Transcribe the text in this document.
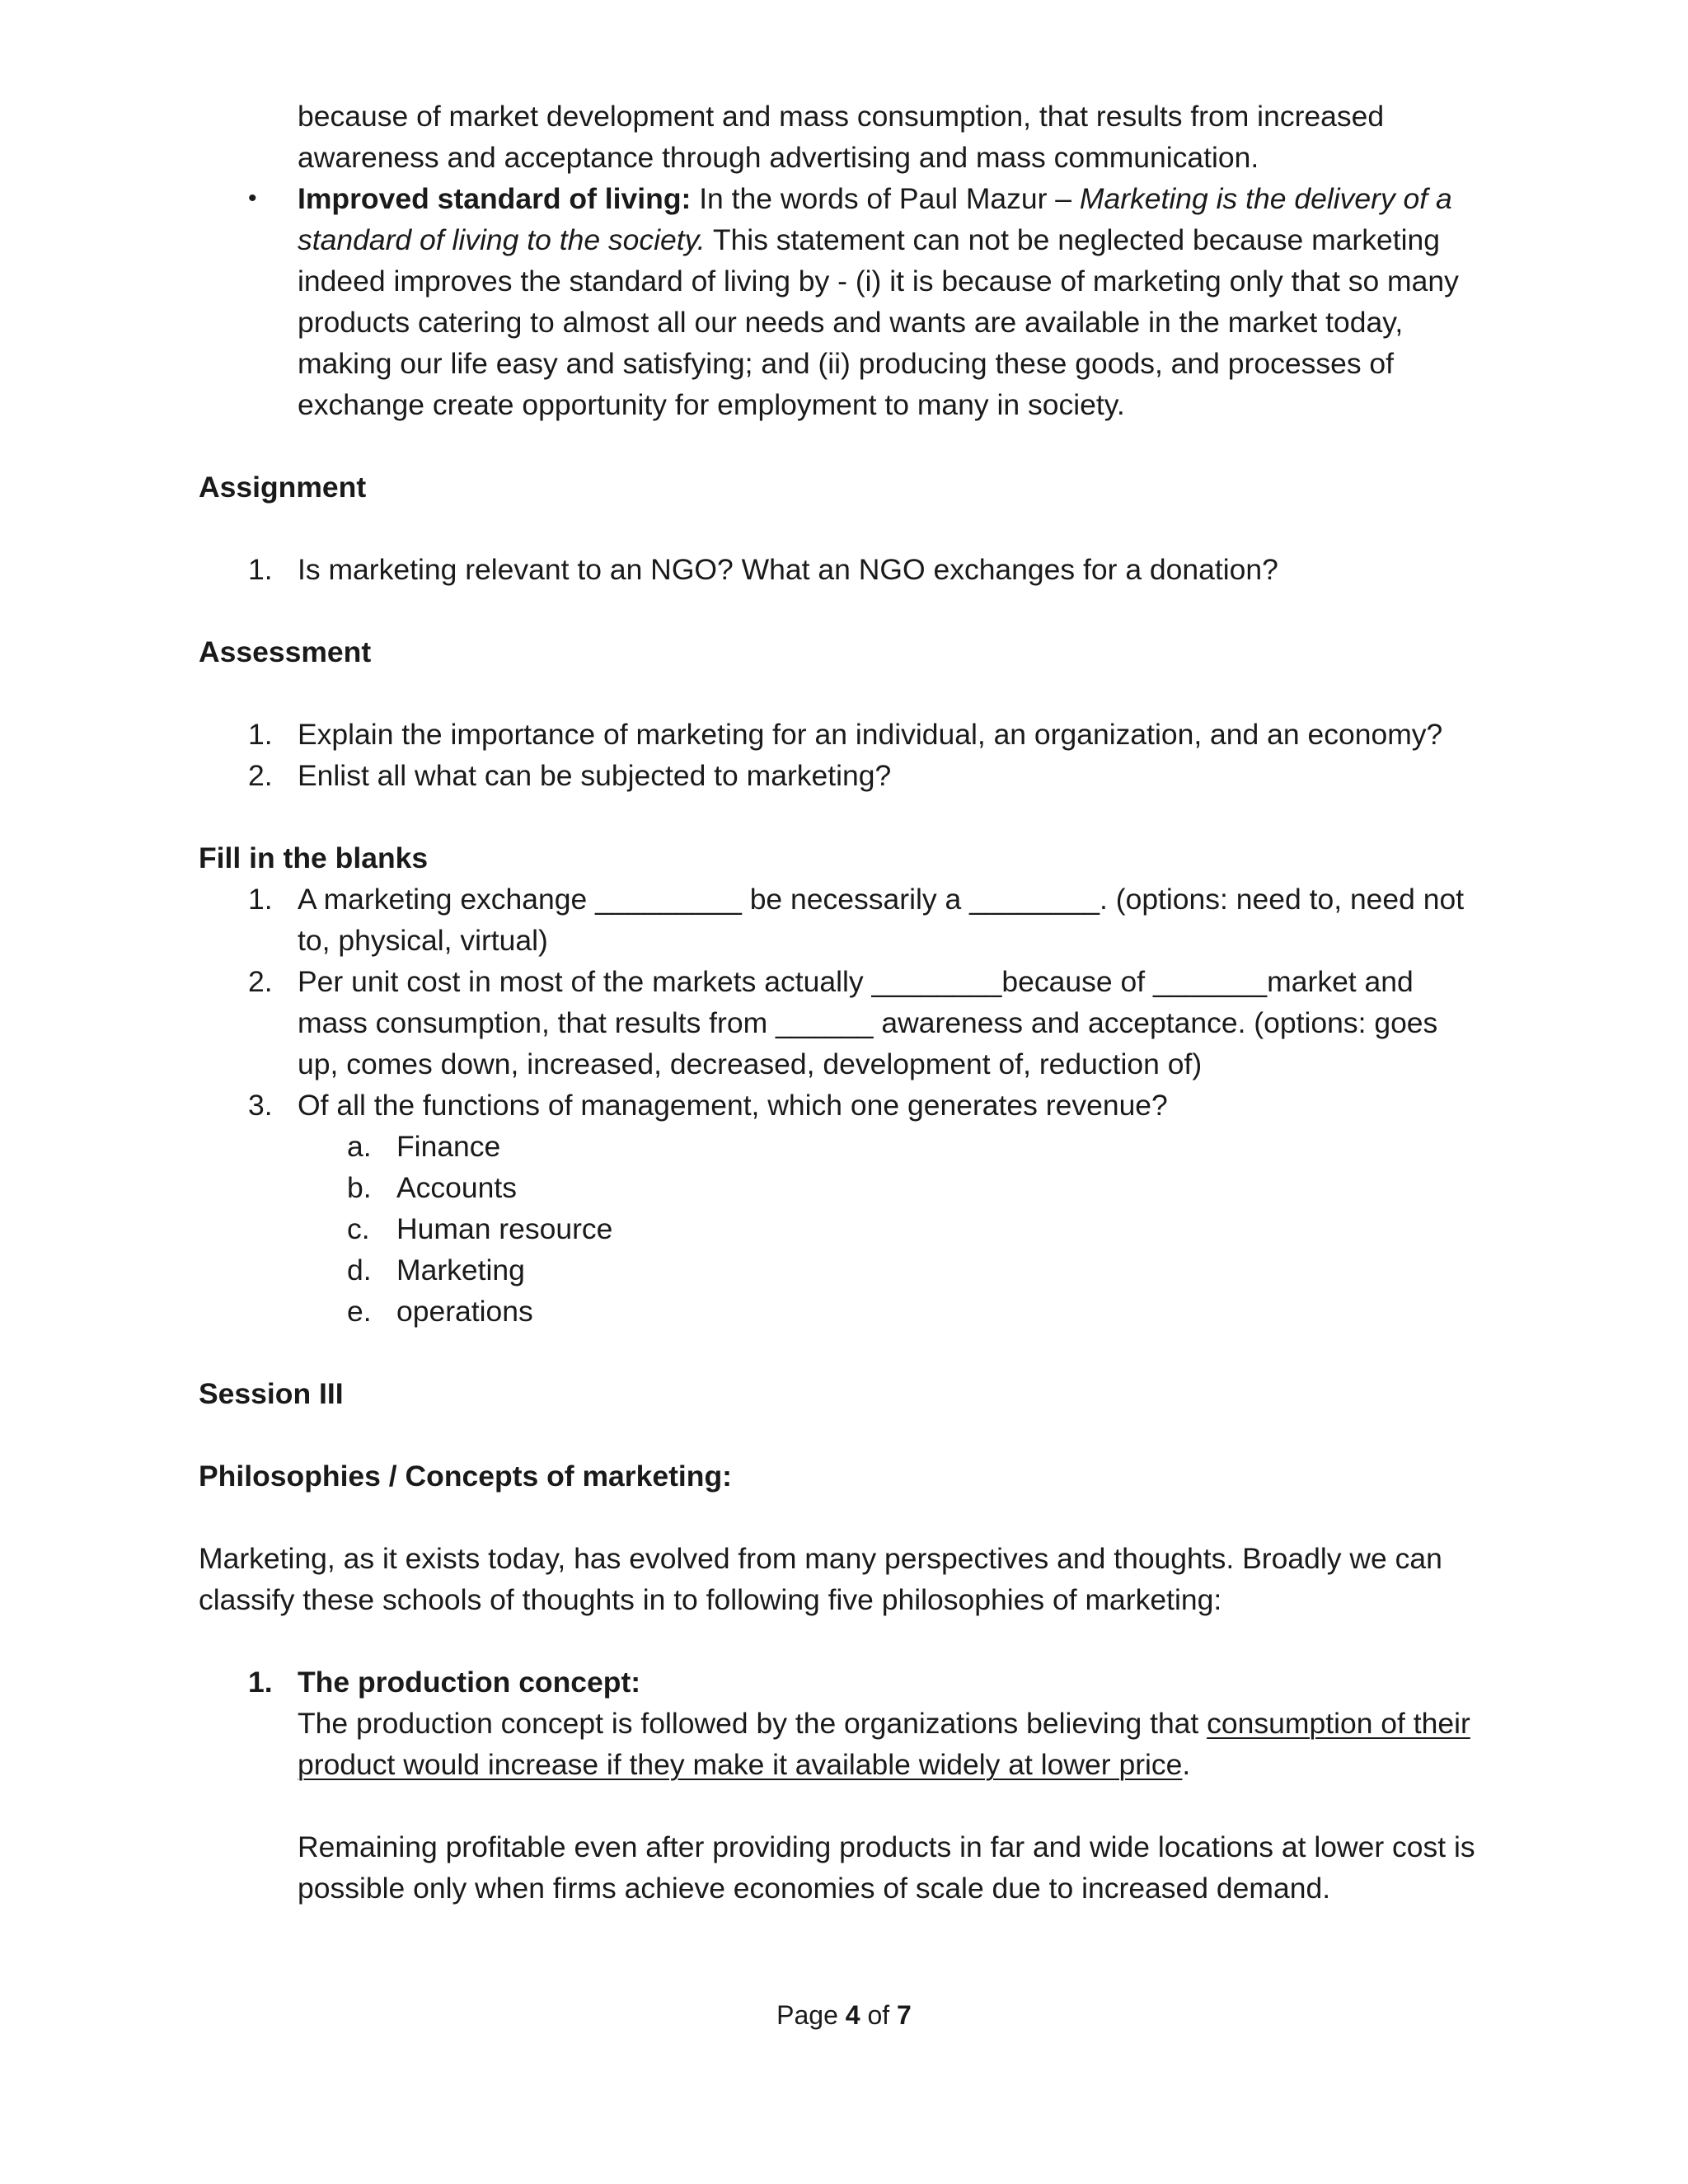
because of market development and mass consumption, that results from increased

awareness and acceptance through advertising and mass communication.

• Improved standard of living: In the words of Paul Mazur – Marketing is the delivery of a standard of living to the society. This statement can not be neglected because marketing indeed improves the standard of living by - (i) it is because of marketing only that so many products catering to almost all our needs and wants are available in the market today, making our life easy and satisfying; and (ii) producing these goods, and processes of exchange create opportunity for employment to many in society.

Assignment

1. Is marketing relevant to an NGO? What an NGO exchanges for a donation?

Assessment

1. Explain the importance of marketing for an individual, an organization, and an economy?
2. Enlist all what can be subjected to marketing?

Fill in the blanks

1. A marketing exchange _________ be necessarily a ________. (options: need to, need not to, physical, virtual)
2. Per unit cost in most of the markets actually ________because of _______market and mass consumption, that results from ______ awareness and acceptance. (options: goes up, comes down, increased, decreased, development of, reduction of)
3. Of all the functions of management, which one generates revenue?
a. Finance
b. Accounts
c. Human resource
d. Marketing
e. operations

Session III

Philosophies / Concepts of marketing:

Marketing, as it exists today, has evolved from many perspectives and thoughts. Broadly we can classify these schools of thoughts in to following five philosophies of marketing:

1. The production concept:

The production concept is followed by the organizations believing that consumption of their product would increase if they make it available widely at lower price.

Remaining profitable even after providing products in far and wide locations at lower cost is possible only when firms achieve economies of scale due to increased demand.

Page 4 of 7
